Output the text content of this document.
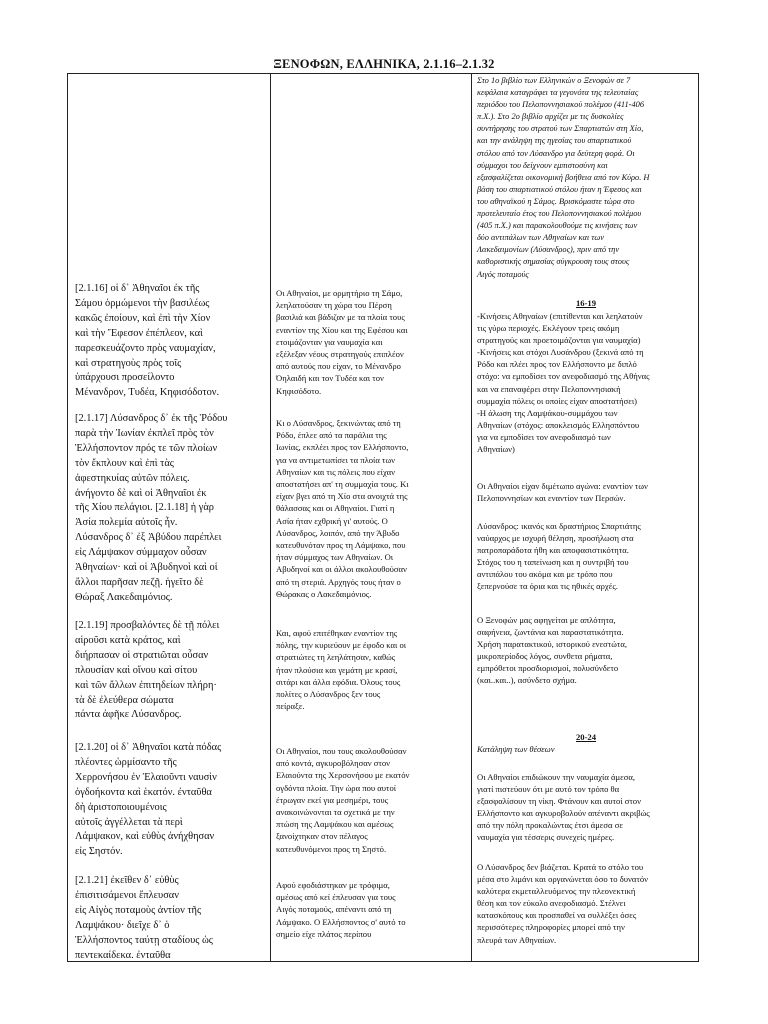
ΞΕΝΟΦΩΝ, ΕΛΛΗΝΙΚΑ, 2.1.16–2.1.32

[2.1.16] οἱ δ᾽ Ἀθηναῖοι ἐκ τῆς
Σάμου ὁρμώμενοι τὴν βασιλέως
κακῶς ἐποίουν, καὶ ἐπὶ τὴν Χίον
καὶ τὴν Ἔφεσον ἐπέπλεον, καὶ
παρεσκευάζοντο πρὸς ναυμαχίαν,
καὶ στρατηγοὺς πρὸς τοῖς
ὑπάρχουσι προσείλοντο
Μένανδρον, Τυδέα, Κηφισόδοτον.

[2.1.17] Λύσανδρος δ᾽ ἐκ τῆς Ῥόδου
παρὰ τὴν Ἰωνίαν ἐκπλεῖ πρὸς τὸν
Ἑλλήσποντον πρός τε τῶν πλοίων
τὸν ἔκπλουν καὶ ἐπὶ τὰς
ἀφεστηκυίας αὐτῶν πόλεις.
ἀνήγοντο δὲ καὶ οἱ Ἀθηναῖοι ἐκ
τῆς Χίου πελάγιοι. [2.1.18] ἡ γὰρ
Ἀσία πολεμία αὐτοῖς ἦν.
Λύσανδρος δ᾽ ἐξ Ἀβύδου παρέπλει
εἰς Λάμψακον σύμμαχον οὖσαν
Ἀθηναίων· καὶ οἱ Ἀβυδηνοὶ καὶ οἱ
ἄλλοι παρῆσαν πεζῇ. ἡγεῖτο δὲ
Θώραξ Λακεδαιμόνιος.

[2.1.19] προσβαλόντες δὲ τῇ πόλει
αἱροῦσι κατὰ κράτος, καὶ
διήρπασαν οἱ στρατιῶται οὖσαν
πλουσίαν καὶ οἴνου καὶ σίτου
καὶ τῶν ἄλλων ἐπιτηδείων πλήρη·
τὰ δὲ ἐλεύθερα σώματα
πάντα ἀφῆκε Λύσανδρος.

[2.1.20] οἱ δ᾽ Ἀθηναῖοι κατὰ πόδας
πλέοντες ὡρμίσαντο τῆς
Χερρονήσου ἐν Ἐλαιοῦντι ναυσὶν
ὀγδοήκοντα καὶ ἑκατόν. ἐνταῦθα
δὴ ἀριστοποιουμένοις
αὐτοῖς ἀγγέλλεται τὰ περὶ
Λάμψακον, καὶ εὐθὺς ἀνήχθησαν
εἰς Σηστόν.

[2.1.21] ἐκεῖθεν δ᾽ εὐθὺς
ἐπισιτισάμενοι ἔπλευσαν
εἰς Αἰγὸς ποταμοὺς ἀντίον τῆς
Λαμψάκου· διεῖχε δ᾽ ὁ
Ἑλλήσποντος ταύτῃ σταδίους ὡς
πεντεκαίδεκα. ἐνταῦθα

Οι Αθηναίοι, με ορμητήριο τη Σάμο,
λεηλατούσαν τη χώρα του Πέρση
βασιλιά και βάδιζαν με τα πλοία τους
εναντίον της Χίου και της Εφέσου και
ετοιμάζονταν για ναυμαχία και
εξέλεξαν νέους στρατηγούς επιπλέον
από αυτούς που είχαν, το Μένανδρο
Όηλαιδή και τον Τυδέα και τον
Κηφισόδοτο.

Κι ο Λύσανδρος, ξεκινώντας από τη
Ρόδο, έπλεε από τα παράλια της
Ιωνίας, εκπλέει προς τον Ελλήσποντο,
για να αντιμετωπίσει τα πλοία των
Αθηναίων και τις πόλεις που είχαν
αποστατήσει απ' τη συμμαχία τους. Κι
είχαν βγει από τη Χίο στα ανοιχτά της
θάλασσας και οι Αθηναίοι. Γιατί η
Ασία ήταν εχθρική γι' αυτούς. Ο
Λύσανδρος, λοιπόν, από την Άβυδο
κατευθυνόταν προς τη Λάμψακο, που
ήταν σύμμαχος των Αθηναίων. Οι
Αβυδηνοί και οι άλλοι ακολουθούσαν
από τη στεριά. Αρχηγός τους ήταν ο
Θώρακας ο Λακεδαιμόνιος.

Και, αφού επιτέθηκαν εναντίον της
πόλης, την κυριεύουν με έφοδο και οι
στρατιώτες τη λεηλάτησαν, καθώς
ήταν πλούσια και γεμάτη με κρασί,
σιτάρι και άλλα εφόδια. Όλους τους
πολίτες ο Λύσανδρος ξεν τους
πείραξε.

Οι Αθηναίοι, που τους ακολουθούσαν
από κοντά, αγκυροβόλησαν στον
Ελαιούντα της Χερσονήσου με εκατόν
ογδόντα πλοία. Την ώρα που αυτοί
έτρωγαν εκεί για μεσημέρι, τους
ανακοινώνονται τα σχετικά με την
πτώση της Λαμψάκου και αμέσως
ξανοίχτηκαν στον πέλαγος
κατευθυνόμενοι προς τη Σηστό.

Αφού εφοδιάστηκαν με τρόφιμα,
αμέσως από κεί έπλευσαν για τους
Αιγός ποταμούς, απέναντι από τη
Λάμψακο. Ο Ελλήσποντος σ' αυτό το
σημείο είχε πλάτος περίπου

Στο 1ο βιβλίο των Ελληνικών ο Ξενοφών σε 7
κεφάλαια καταγράφει τα γεγονότα της τελευταίας
περιόδου του Πελοποννησιακού πολέμου (411-406
π.Χ.). Στο 2ο βιβλίο αρχίζει με τις δυσκολίες
συντήρησης του στρατού των Σπαρτιατών στη Χίο,
και την ανάληψη της ηγεσίας του σπαρτιατικού
στόλου από τον Λύσανδρο για δεύτερη φορά. Οι
σύμμαχοι του δείχνουν εμπιστοσύνη και
εξασφαλίζεται οικονομική βοήθεια από τον Κύρο. Η
βάση του σπαρτιατικού στόλου ήταν η Έφεσος και
του αθηναϊκού η Σάμος. Βρισκόμαστε τώρα στο
προτελευταίο έτος του Πελοποννησιακού πολέμου
(405 π.Χ.) και παρακολουθούμε τις κινήσεις των
δύο αντιπάλων των Αθηναίων και των
Λακεδαιμονίων (Λύσανδρος), πριν από την
καθοριστικής σημασίας σύγκρουση τους στους
Αιγός ποταμούς

16-19

-Κινήσεις Αθηναίων (επιτίθενται και λεηλατούν
τις γύρω περιοχές. Εκλέγουν τρεις ακόμη
στρατηγούς και προετοιμάζονται για ναυμαχία)
-Κινήσεις και στόχοι Λυσάνδρου (ξεκινά από τη
Ρόδο και πλέει προς τον Ελλήσποντο με διπλό
στόχο: να εμποδίσει τον ανεφοδιασμό της Αθήνας
και να επαναφέρει στην Πελοποννησιακή
συμμαχία πόλεις οι οποίες είχαν αποστατήσει)
-Η άλωση της Λαμψάκου-συμμάχου των
Αθηναίων (στόχος: αποκλεισμός Ελλησπόντου
για να εμποδίσει τον ανεφοδιασμό των
Αθηναίων)

Οι Αθηναίοι είχαν διμέτωπο αγώνα: εναντίον των
Πελοποννησίων και εναντίον των Περσών.

Λύσανδρος: ικανός και δραστήριος Σπαρτιάτης
ναύαρχος με ισχυρή θέληση, προσήλωση στα
πατροπαράδοτα ήθη και αποφασιστικότητα.
Στόχος του η ταπείνωση και η συντριβή του
αντιπάλου του ακόμα και με τρόπο που
ξεπερνούσε τα όρια και τις ηθικές αρχές.

Ο Ξενοφών μας αφηγείται με απλότητα,
σαφήνεια, ζωντάνια και παραστατικότητα.
Χρήση παρατακτικού, ιστορικού ενεστώτα,
μικροπερίοδος λόγος, συνθετα ρήματα,
εμπρόθετοι προσδιορισμοί, πολυσύνδετο
(και..και..), ασύνδετο σχήμα.

20-24

Κατάληψη των θέσεων

Οι Αθηναίοι επιδιώκουν την ναυμαχία άμεσα,
γιατί πιστεύουν ότι με αυτό τον τρόπο θα
εξασφαλίσουν τη νίκη. Φτάνουν και αυτοί στον
Ελλήσποντο και αγκυροβολούν απέναντι ακριβώς
από την πόλη προκαλώντας έτσι άμεσα σε
ναυμαχία για τέσσερις συνεχείς ημέρες.

Ο Λύσανδρος δεν βιάζεται. Κρατά το στόλο του
μέσα στο λιμάνι και οργανώνεται όσο το δυνατόν
καλύτερα εκμεταλλευόμενος την πλεονεκτική
θέση και τον εύκολο ανεφοδιασμό. Στέλνει
κατασκόπους και προσπαθεί να συλλέξει όσες
περισσότερες πληροφορίες μπορεί από την
πλευρά των Αθηναίων.
